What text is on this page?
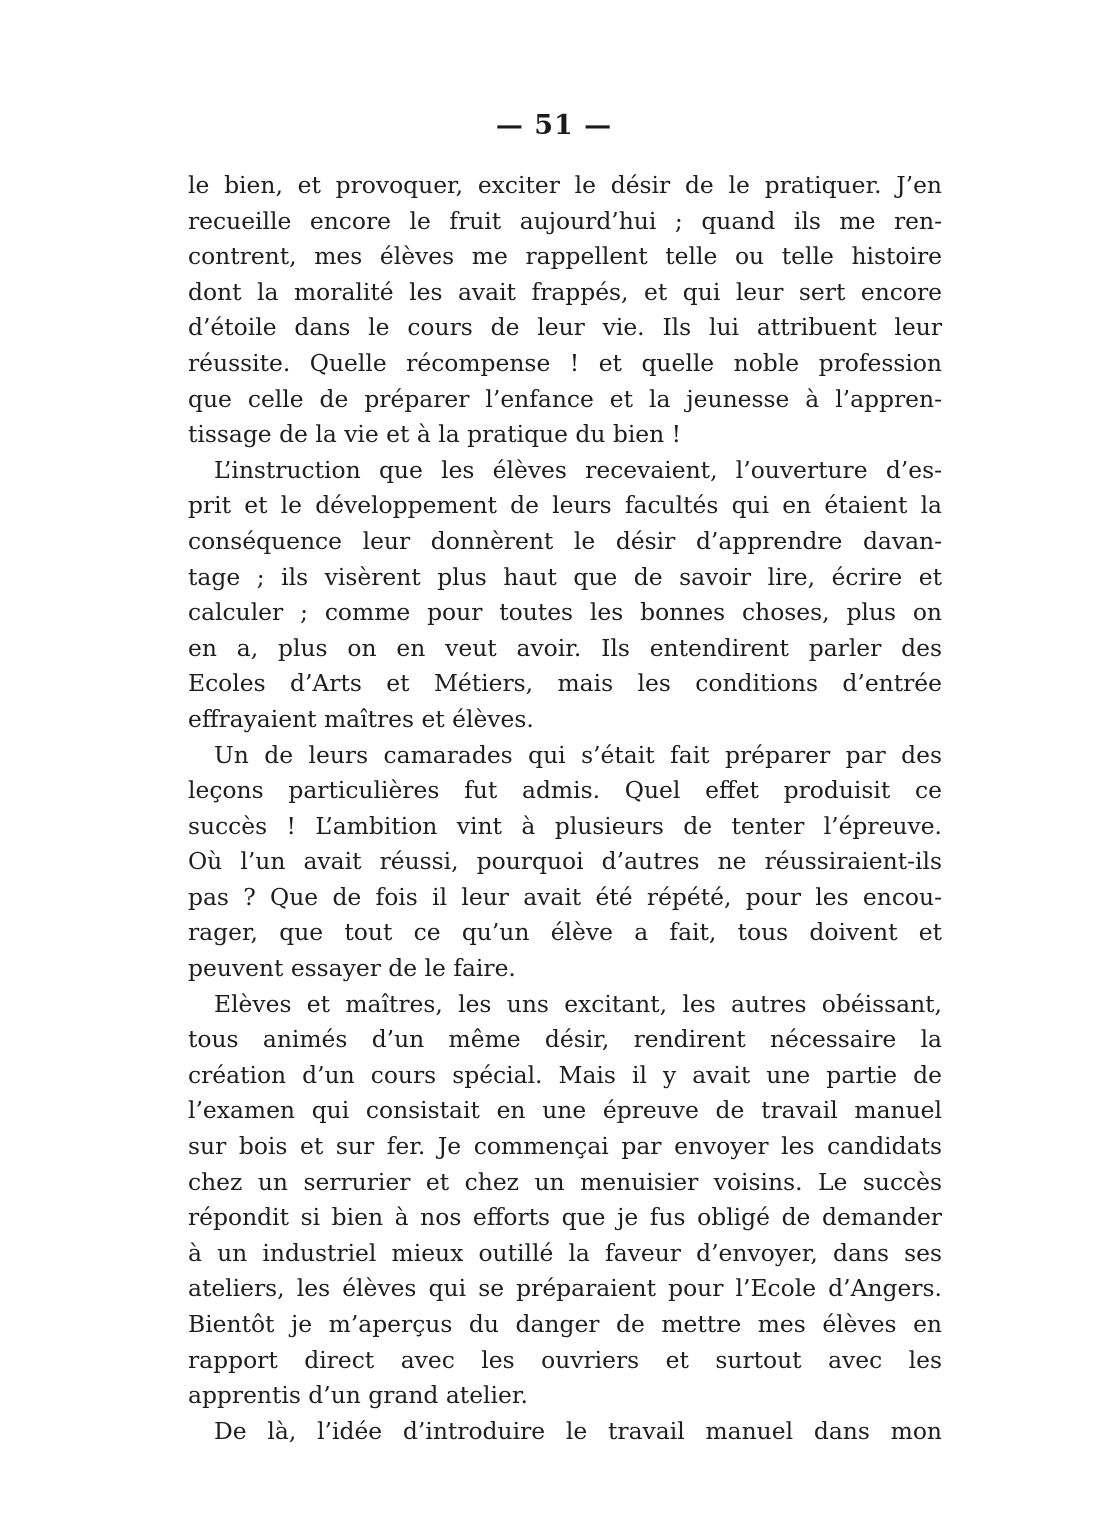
— 51 —
le bien, et provoquer, exciter le désir de le pratiquer. J’en
recueille encore le fruit aujourd’hui ; quand ils me ren-
contrent, mes élèves me rappellent telle ou telle histoire
dont la moralité les avait frappés, et qui leur sert encore
d’étoile dans le cours de leur vie. Ils lui attribuent leur
réussite. Quelle récompense ! et quelle noble profession
que celle de préparer l’enfance et la jeunesse à l’appren-
tissage de la vie et à la pratique du bien !
L’instruction que les élèves recevaient, l’ouverture d’es-
prit et le développement de leurs facultés qui en étaient la
conséquence leur donnèrent le désir d’apprendre davan-
tage ; ils visèrent plus haut que de savoir lire, écrire et
calculer ; comme pour toutes les bonnes choses, plus on
en a, plus on en veut avoir. Ils entendirent parler des
Ecoles d’Arts et Métiers, mais les conditions d’entrée
effrayaient maîtres et élèves.
Un de leurs camarades qui s’était fait préparer par des
leçons particulières fut admis. Quel effet produisit ce
succès ! L’ambition vint à plusieurs de tenter l’épreuve.
Où l’un avait réussi, pourquoi d’autres ne réussiraient-ils
pas ? Que de fois il leur avait été répété, pour les encou-
rager, que tout ce qu’un élève a fait, tous doivent et
peuvent essayer de le faire.
Elèves et maîtres, les uns excitant, les autres obéissant,
tous animés d’un même désir, rendirent nécessaire la
création d’un cours spécial. Mais il y avait une partie de
l’examen qui consistait en une épreuve de travail manuel
sur bois et sur fer. Je commençai par envoyer les candidats
chez un serrurier et chez un menuisier voisins. Le succès
répondit si bien à nos efforts que je fus obligé de demander
à un industriel mieux outillé la faveur d’envoyer, dans ses
ateliers, les élèves qui se préparaient pour l’Ecole d’Angers.
Bientôt je m’aperçus du danger de mettre mes élèves en
rapport direct avec les ouvriers et surtout avec les
apprentis d’un grand atelier.
De là, l’idée d’introduire le travail manuel dans mon
